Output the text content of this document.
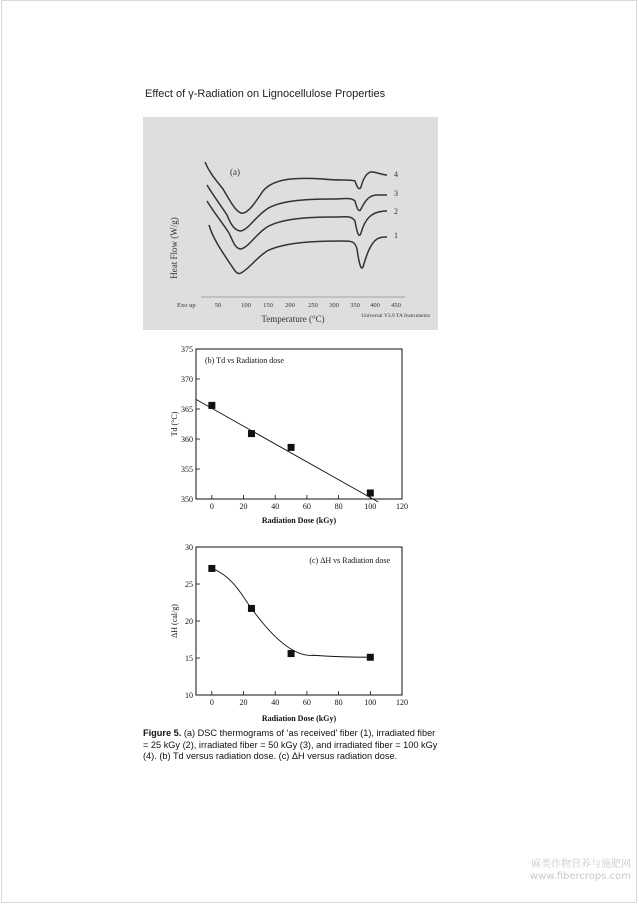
Effect of γ-Radiation on Lignocellulose Properties
Heat Flow (W/g)
(a)	4
3
2
1
Exo up	50	100 150 200 250 300 350 400 450
Temperature (°C)	Universal V3.9 TA Instruments
(b) Td vs Radiation dose
Td (°C)
Radiation Dose (kGy)
0	20	40	60	80	100 120
350
355
360
365
370
375
(c) ΔH vs Radiation dose
ΔH (cal/g)
Radiation Dose (kGy)
0	20	40	60	80	100 120
10
15
20
25
30
Figure 5. (a) DSC thermograms of ‘as received’ fiber (1), irradiated fiber = 25 kGy (2), irradiated fiber = 50 kGy (3), and irradiated fiber = 100 kGy (4). (b) Td versus radiation dose. (c) ΔH versus radiation dose.
麻类作物营养与施肥网
www.fibercrops.com
